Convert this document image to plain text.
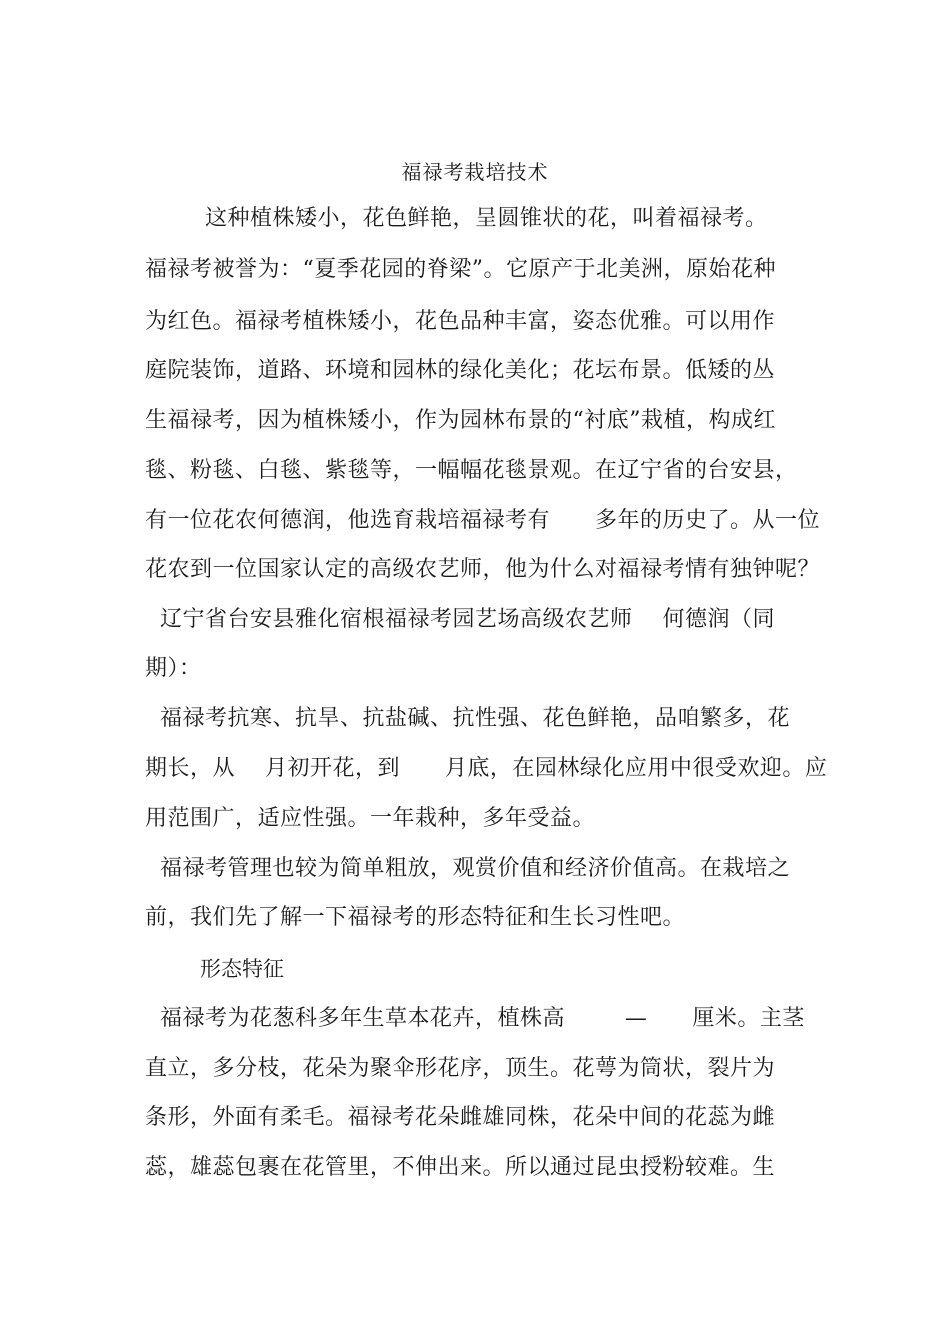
福禄考栽培技术
这种植株矮小，花色鲜艳，呈圆锥状的花，叫着福禄考。
福禄考被誉为：“夏季花园的脊梁”。它原产于北美洲，原始花种
为红色。福禄考植株矮小，花色品种丰富，姿态优雅。可以用作
庭院装饰，道路、环境和园林的绿化美化；花坛布景。低矮的丛
生福禄考，因为植株矮小，作为园林布景的“衬底”栽植，构成红
毯、粉毯、白毯、紫毯等，一幅幅花毯景观。在辽宁省的台安县，
有一位花农何德润，他选育栽培福禄考有      多年的历史了。从一位
花农到一位国家认定的高级农艺师，他为什么对福禄考情有独钟呢？
辽宁省台安县雅化宿根福禄考园艺场高级农艺师    何德润（同
期）：
福禄考抗寒、抗旱、抗盐碱、抗性强、花色鲜艳，品咱繁多，花
期长，从    月初开花，到      月底，在园林绿化应用中很受欢迎。应
用范围广，适应性强。一年栽种，多年受益。
福禄考管理也较为简单粗放，观赏价值和经济价值高。在栽培之
前，我们先了解一下福禄考的形态特征和生长习性吧。
形态特征
福禄考为花葱科多年生草本花卉，植株高        —      厘米。主茎
直立，多分枝，花朵为聚伞形花序，顶生。花萼为筒状，裂片为
条形，外面有柔毛。福禄考花朵雌雄同株，花朵中间的花蕊为雌
蕊，雄蕊包裹在花管里，不伸出来。所以通过昆虫授粉较难。生
